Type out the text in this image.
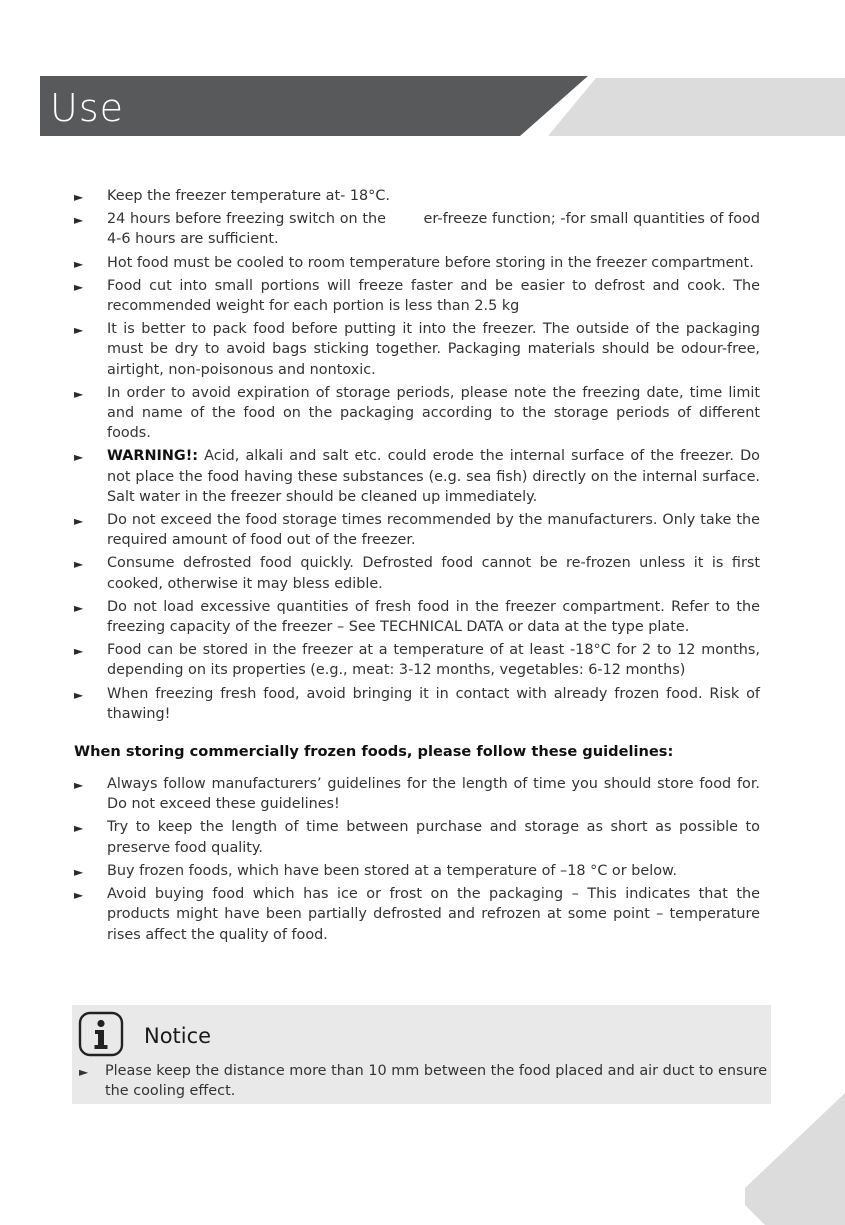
Use
► Keep the freezer temperature at- 18°C.
► 24 hours before freezing switch on the        er-freeze function; -for small quantities of food 4-6 hours are sufficient.
► Hot food must be cooled to room temperature before storing in the freezer compartment.
► Food cut into small portions will freeze faster and be easier to defrost and cook. The recommended weight for each portion is less than 2.5 kg
► It is better to pack food before putting it into the freezer. The outside of the packaging must be dry to avoid bags sticking together. Packaging materials should be odour-free, airtight, non-poisonous and nontoxic.
► In order to avoid expiration of storage periods, please note the freezing date, time limit and name of the food on the packaging according to the storage periods of different foods.
► WARNING!: Acid, alkali and salt etc. could erode the internal surface of the freezer. Do not place the food having these substances (e.g. sea fish) directly on the internal surface. Salt water in the freezer should be cleaned up immediately.
► Do not exceed the food storage times recommended by the manufacturers. Only take the required amount of food out of the freezer.
► Consume defrosted food quickly. Defrosted food cannot be re-frozen unless it is first cooked, otherwise it may bless edible.
► Do not load excessive quantities of fresh food in the freezer compartment. Refer to the freezing capacity of the freezer – See TECHNICAL DATA or data at the type plate.
► Food can be stored in the freezer at a temperature of at least -18°C for 2 to 12 months, depending on its properties (e.g., meat: 3-12 months, vegetables: 6-12 months)
► When freezing fresh food, avoid bringing it in contact with already frozen food. Risk of thawing!
When storing commercially frozen foods, please follow these guidelines:
► Always follow manufacturers’ guidelines for the length of time you should store food for. Do not exceed these guidelines!
► Try to keep the length of time between purchase and storage as short as possible to preserve food quality.
► Buy frozen foods, which have been stored at a temperature of –18 °C or below.
► Avoid buying food which has ice or frost on the packaging – This indicates that the products might have been partially defrosted and refrozen at some point – temperature rises affect the quality of food.
Notice
► Please keep the distance more than 10 mm between the food placed and air duct to ensure the cooling effect.
